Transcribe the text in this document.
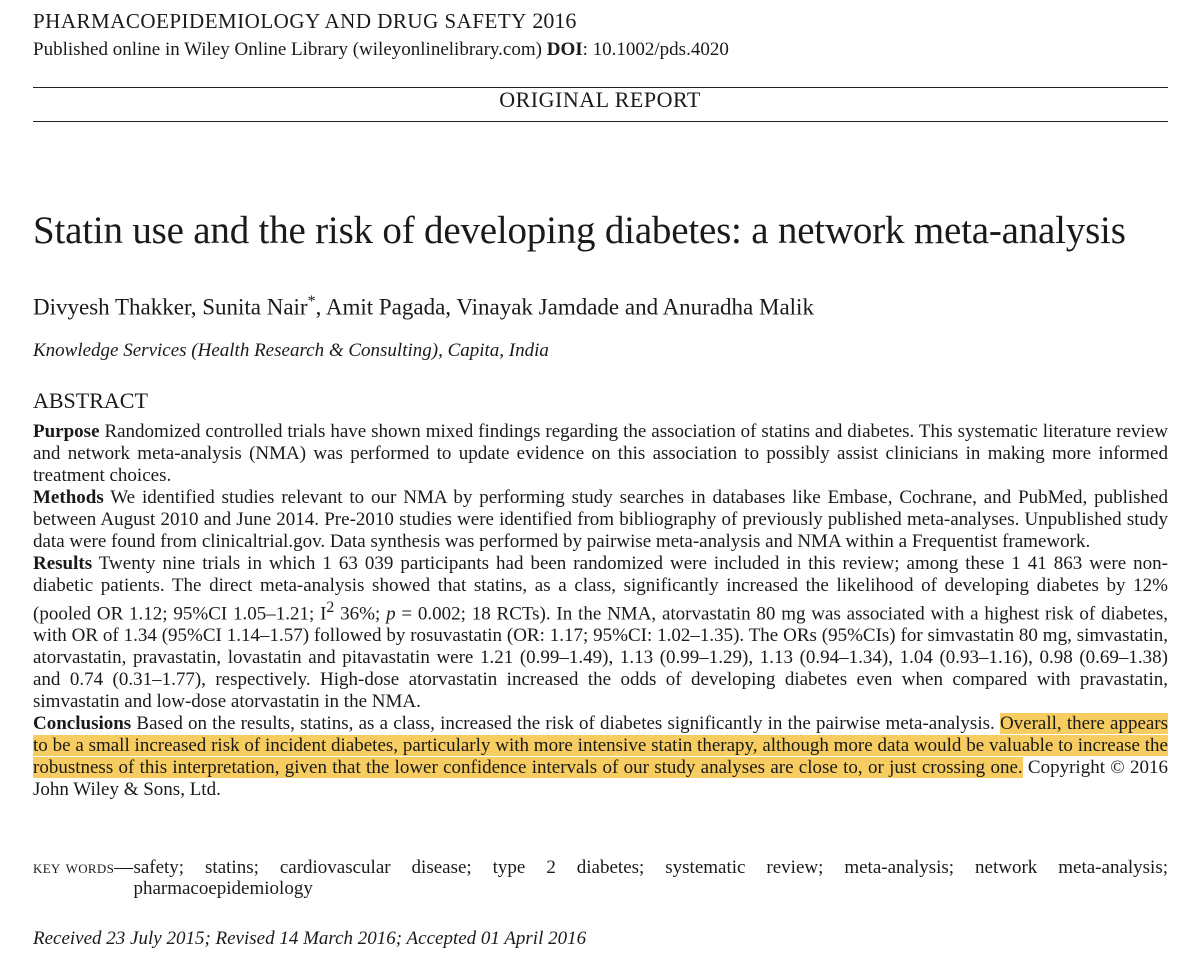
PHARMACOEPIDEMIOLOGY AND DRUG SAFETY 2016
Published online in Wiley Online Library (wileyonlinelibrary.com) DOI: 10.1002/pds.4020
ORIGINAL REPORT
Statin use and the risk of developing diabetes: a network meta-analysis
Divyesh Thakker, Sunita Nair*, Amit Pagada, Vinayak Jamdade and Anuradha Malik
Knowledge Services (Health Research & Consulting), Capita, India
ABSTRACT

Purpose Randomized controlled trials have shown mixed findings regarding the association of statins and diabetes. This systematic literature review and network meta-analysis (NMA) was performed to update evidence on this association to possibly assist clinicians in making more informed treatment choices.

Methods We identified studies relevant to our NMA by performing study searches in databases like Embase, Cochrane, and PubMed, published between August 2010 and June 2014. Pre-2010 studies were identified from bibliography of previously published meta-analyses. Unpublished study data were found from clinicaltrial.gov. Data synthesis was performed by pairwise meta-analysis and NMA within a Frequentist framework.

Results Twenty nine trials in which 1 63 039 participants had been randomized were included in this review; among these 1 41 863 were non-diabetic patients. The direct meta-analysis showed that statins, as a class, significantly increased the likelihood of developing diabetes by 12% (pooled OR 1.12; 95%CI 1.05–1.21; $I^2$ 36%; p = 0.002; 18 RCTs). In the NMA, atorvastatin 80 mg was associated with a highest risk of diabetes, with OR of 1.34 (95%CI 1.14–1.57) followed by rosuvastatin (OR: 1.17; 95%CI: 1.02–1.35). The ORs (95%CIs) for simvastatin 80 mg, simvastatin, atorvastatin, pravastatin, lovastatin and pitavastatin were 1.21 (0.99–1.49), 1.13 (0.99–1.29), 1.13 (0.94–1.34), 1.04 (0.93–1.16), 0.98 (0.69–1.38) and 0.74 (0.31–1.77), respectively. High-dose atorvastatin increased the odds of developing diabetes even when compared with pravastatin, simvastatin and low-dose atorvastatin in the NMA.

Conclusions Based on the results, statins, as a class, increased the risk of diabetes significantly in the pairwise meta-analysis. Overall, there appears to be a small increased risk of incident diabetes, particularly with more intensive statin therapy, although more data would be valuable to increase the robustness of this interpretation, given that the lower confidence intervals of our study analyses are close to, or just crossing one. Copyright © 2016 John Wiley & Sons, Ltd.

key words— safety; statins; cardiovascular disease; type 2 diabetes; systematic review; meta-analysis; network meta-analysis; pharmacoepidemiology
Received 23 July 2015; Revised 14 March 2016; Accepted 01 April 2016
